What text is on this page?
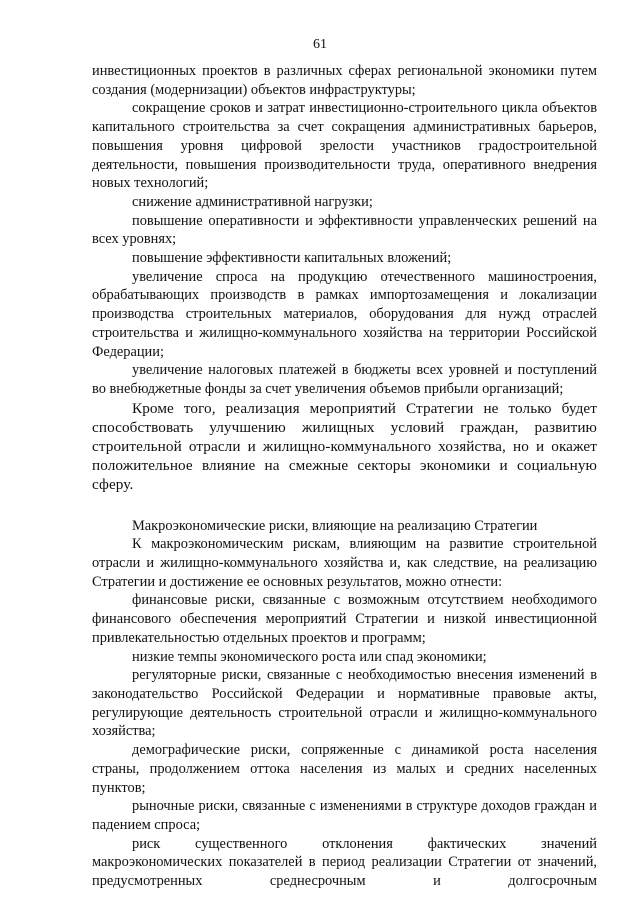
61

инвестиционных проектов в различных сферах региональной экономики путем создания (модернизации) объектов инфраструктуры;

сокращение сроков и затрат инвестиционно-строительного цикла объектов капитального строительства за счет сокращения административных барьеров, повышения уровня цифровой зрелости участников градостроительной деятельности, повышения производительности труда, оперативного внедрения новых технологий;

снижение административной нагрузки;

повышение оперативности и эффективности управленческих решений на всех уровнях;

повышение эффективности капитальных вложений;

увеличение спроса на продукцию отечественного машиностроения, обрабатывающих производств в рамках импортозамещения и локализации производства строительных материалов, оборудования для нужд отраслей строительства и жилищно-коммунального хозяйства на территории Российской Федерации;

увеличение налоговых платежей в бюджеты всех уровней и поступлений во внебюджетные фонды за счет увеличения объемов прибыли организаций;

Кроме того, реализация мероприятий Стратегии не только будет способствовать улучшению жилищных условий граждан, развитию строительной отрасли и жилищно-коммунального хозяйства, но и окажет положительное влияние на смежные секторы экономики и социальную сферу.

Макроэкономические риски, влияющие на реализацию Стратегии

К макроэкономическим рискам, влияющим на развитие строительной отрасли и жилищно-коммунального хозяйства и, как следствие, на реализацию Стратегии и достижение ее основных результатов, можно отнести:

финансовые риски, связанные с возможным отсутствием необходимого финансового обеспечения мероприятий Стратегии и низкой инвестиционной привлекательностью отдельных проектов и программ;

низкие темпы экономического роста или спад экономики;

регуляторные риски, связанные с необходимостью внесения изменений в законодательство Российской Федерации и нормативные правовые акты, регулирующие деятельность строительной отрасли и жилищно-коммунального хозяйства;

демографические риски, сопряженные с динамикой роста населения страны, продолжением оттока населения из малых и средних населенных пунктов;

рыночные риски, связанные с изменениями в структуре доходов граждан и падением спроса;

риск существенного отклонения фактических значений макроэкономических показателей в период реализации Стратегии от значений, предусмотренных среднесрочным и долгосрочным
